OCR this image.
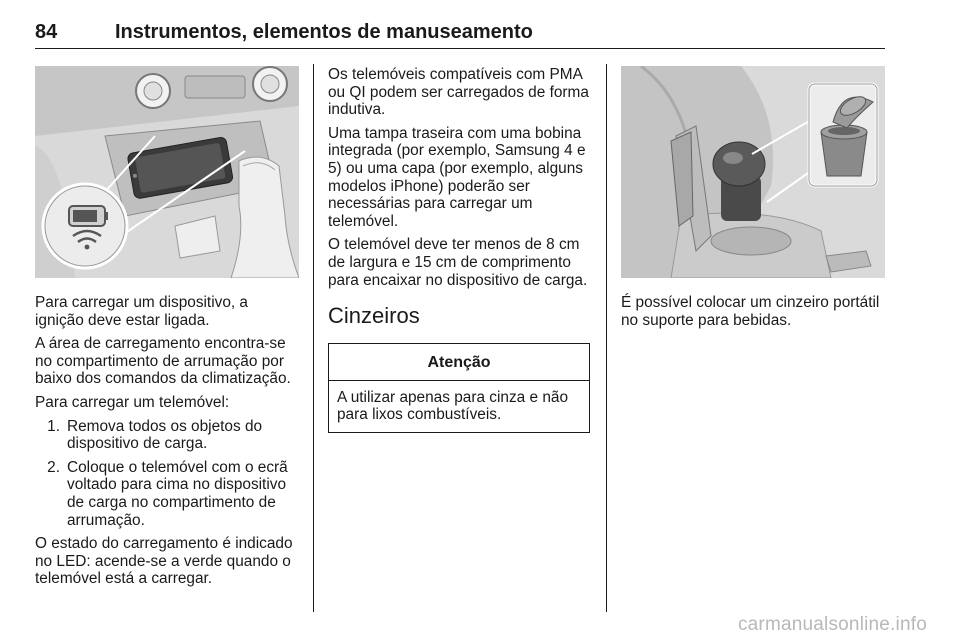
84	Instrumentos, elementos de manuseamento

Para carregar um dispositivo, a ignição deve estar ligada.

A área de carregamento encontra-se no compartimento de arrumação por baixo dos comandos da climatização.

Para carregar um telemóvel:

1. Remova todos os objetos do dispositivo de carga.
2. Coloque o telemóvel com o ecrã voltado para cima no dispositivo de carga no compartimento de arrumação.

O estado do carregamento é indicado no LED: acende-se a verde quando o telemóvel está a carregar.

Os telemóveis compatíveis com PMA ou QI podem ser carregados de forma indutiva.

Uma tampa traseira com uma bobina integrada (por exemplo, Samsung 4 e 5) ou uma capa (por exemplo, alguns modelos iPhone) poderão ser necessárias para carregar um telemóvel.

O telemóvel deve ter menos de 8 cm de largura e 15 cm de comprimento para encaixar no dispositivo de carga.

Cinzeiros
Atenção
A utilizar apenas para cinza e não para lixos combustíveis.

É possível colocar um cinzeiro portátil no suporte para bebidas.

carmanualsonline.info
